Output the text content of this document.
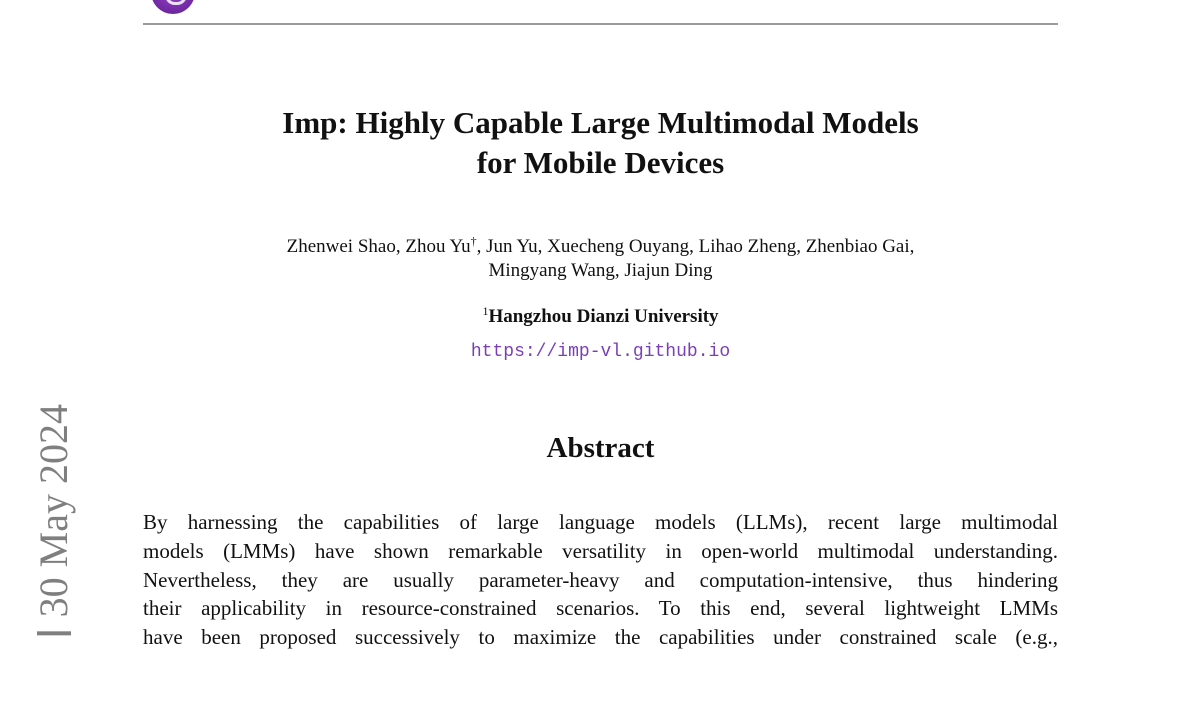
30 May 2024
Imp: Highly Capable Large Multimodal Models
for Mobile Devices
Zhenwei Shao, Zhou Yu†, Jun Yu, Xuecheng Ouyang, Lihao Zheng, Zhenbiao Gai,
Mingyang Wang, Jiajun Ding
$^1$Hangzhou Dianzi University
https://imp-vl.github.io
Abstract
By harnessing the capabilities of large language models (LLMs), recent large multimodal
models (LMMs) have shown remarkable versatility in open-world multimodal understanding.
Nevertheless, they are usually parameter-heavy and computation-intensive, thus hindering
their applicability in resource-constrained scenarios. To this end, several lightweight LMMs
have been proposed successively to maximize the capabilities under constrained scale (e.g.,
